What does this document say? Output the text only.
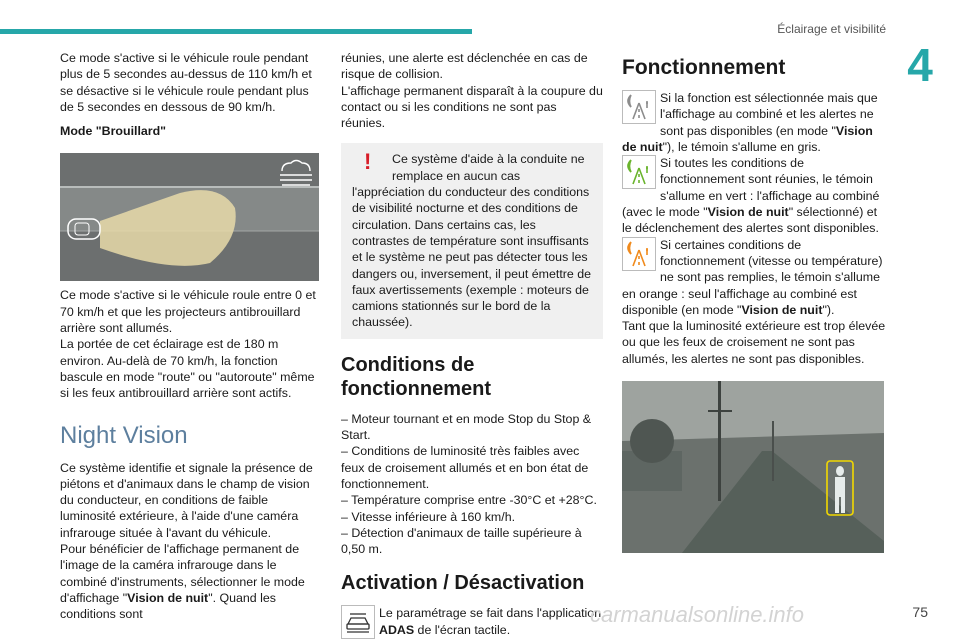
Éclairage et visibilité
4

Ce mode s'active si le véhicule roule pendant plus de 5 secondes au-dessus de 110 km/h et se désactive si le véhicule roule pendant plus de 5 secondes en dessous de 90 km/h.

Mode "Brouillard"

Ce mode s'active si le véhicule roule entre 0 et 70 km/h et que les projecteurs antibrouillard arrière sont allumés.

La portée de cet éclairage est de 180 m environ. Au-delà de 70 km/h, la fonction bascule en mode "route" ou "autoroute" même si les feux antibrouillard arrière sont actifs.

Night Vision

Ce système identifie et signale la présence de piétons et d'animaux dans le champ de vision du conducteur, en conditions de faible luminosité extérieure, à l'aide d'une caméra infrarouge située à l'avant du véhicule.

Pour bénéficier de l'affichage permanent de l'image de la caméra infrarouge dans le combiné d'instruments, sélectionner le mode d'affichage "Vision de nuit". Quand les conditions sont

réunies, une alerte est déclenchée en cas de risque de collision.

L'affichage permanent disparaît à la coupure du contact ou si les conditions ne sont pas réunies.

!	Ce système d'aide à la conduite ne remplace en aucun cas l'appréciation du conducteur des conditions de visibilité nocturne et des conditions de circulation. Dans certains cas, les contrastes de température sont insuffisants et le système ne peut pas détecter tous les dangers ou, inversement, il peut émettre de faux avertissements (exemple : moteurs de camions stationnés sur le bord de la chaussée).
Conditions de fonctionnement

– Moteur tournant et en mode Stop du Stop & Start.

– Conditions de luminosité très faibles avec feux de croisement allumés et en bon état de fonctionnement.

– Température comprise entre -30°C et +28°C.

– Vitesse inférieure à 160 km/h.

– Détection d'animaux de taille supérieure à 0,50 m.

Activation / Désactivation
Le paramétrage se fait dans l'application ADAS de l'écran tactile.
Fonctionnement
Si la fonction est sélectionnée mais que l'affichage au combiné et les alertes ne sont pas disponibles (en mode "Vision de nuit"), le témoin s'allume en gris.
Si toutes les conditions de fonctionnement sont réunies, le témoin s'allume en vert : l'affichage au combiné (avec le mode "Vision de nuit" sélectionné) et le déclenchement des alertes sont disponibles.
Si certaines conditions de fonctionnement (vitesse ou température) ne sont pas remplies, le témoin s'allume en orange : seul l'affichage au combiné est disponible (en mode "Vision de nuit").

Tant que la luminosité extérieure est trop élevée ou que les feux de croisement ne sont pas allumés, les alertes ne sont pas disponibles.

carmanualsonline.info	75
